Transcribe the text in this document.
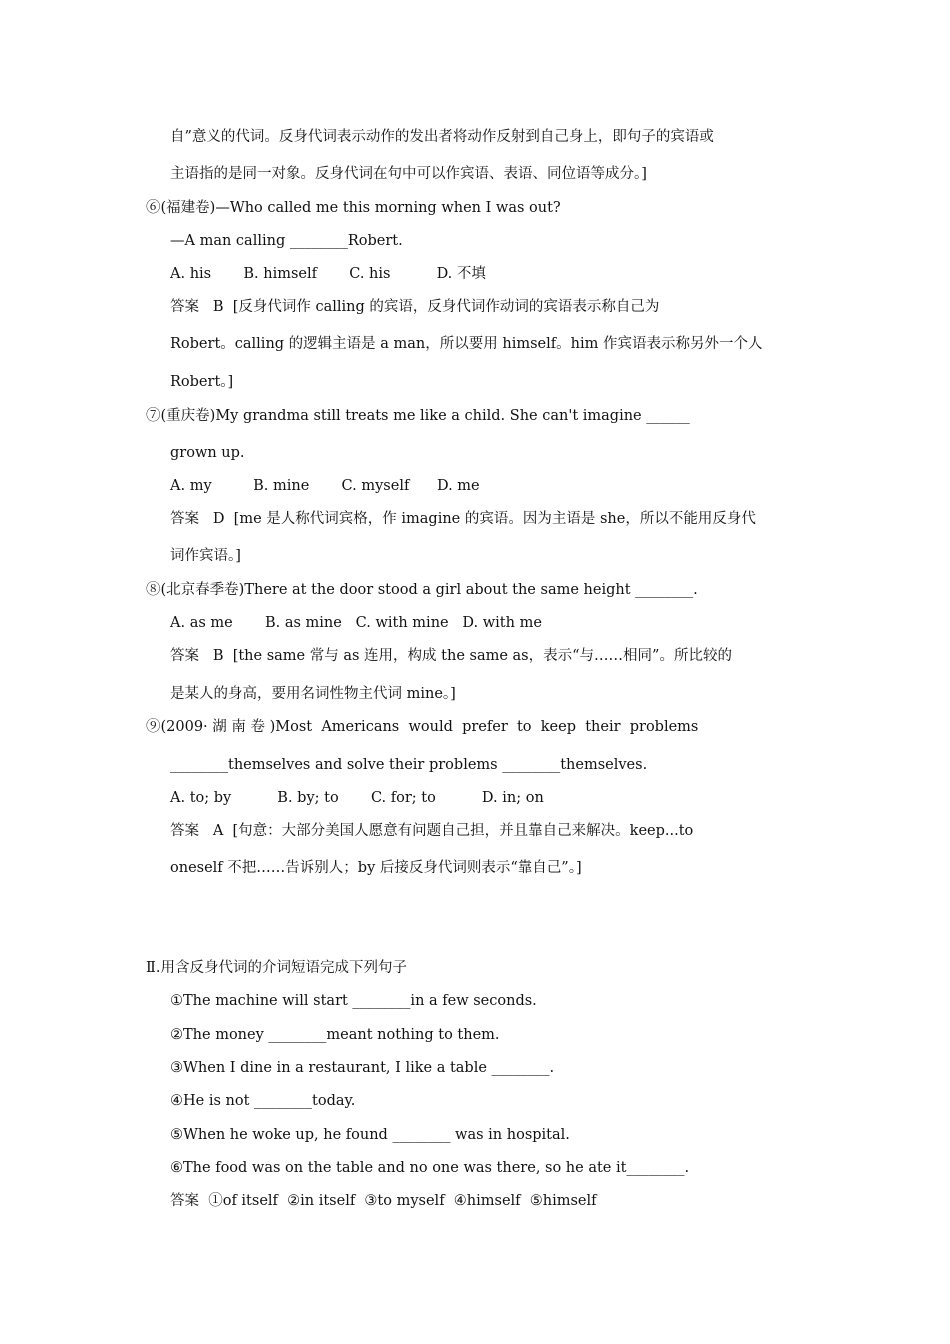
自”意义的代词。反身代词表示动作的发出者将动作反射到自己身上，即句子的宾语或
主语指的是同一对象。反身代词在句中可以作宾语、表语、同位语等成分。]
⑥(福建卷)—Who called me this morning when I was out?
—A man calling ________Robert.
A. his       B. himself       C. his          D. 不填
答案   B  [反身代词作 calling 的宾语，反身代词作动词的宾语表示称自己为
Robert。calling 的逻辑主语是 a man，所以要用 himself。him 作宾语表示称另外一个人
Robert。]
⑦(重庆卷)My grandma still treats me like a child. She can't imagine ______
grown up.
A. my         B. mine       C. myself      D. me
答案   D  [me 是人称代词宾格，作 imagine 的宾语。因为主语是 she，所以不能用反身代
词作宾语。]
⑧(北京春季卷)There at the door stood a girl about the same height ________.
A. as me       B. as mine   C. with mine   D. with me
答案   B  [the same 常与 as 连用，构成 the same as，表示“与……相同”。所比较的
是某人的身高，要用名词性物主代词 mine。]
⑨(2009· 湖 南 卷 )Most  Americans  would  prefer  to  keep  their  problems
________themselves and solve their problems ________themselves.
A. to; by          B. by; to       C. for; to          D. in; on
答案   A  [句意：大部分美国人愿意有问题自己担，并且靠自己来解决。keep...to
oneself 不把……告诉别人；by 后接反身代词则表示“靠自己”。]
Ⅱ.用含反身代词的介词短语完成下列句子
①The machine will start ________in a few seconds.
②The money ________meant nothing to them.
③When I dine in a restaurant, I like a table ________.
④He is not ________today.
⑤When he woke up, he found ________ was in hospital.
⑥The food was on the table and no one was there, so he ate it________.
答案  ①of itself  ②in itself  ③to myself  ④himself  ⑤himself
